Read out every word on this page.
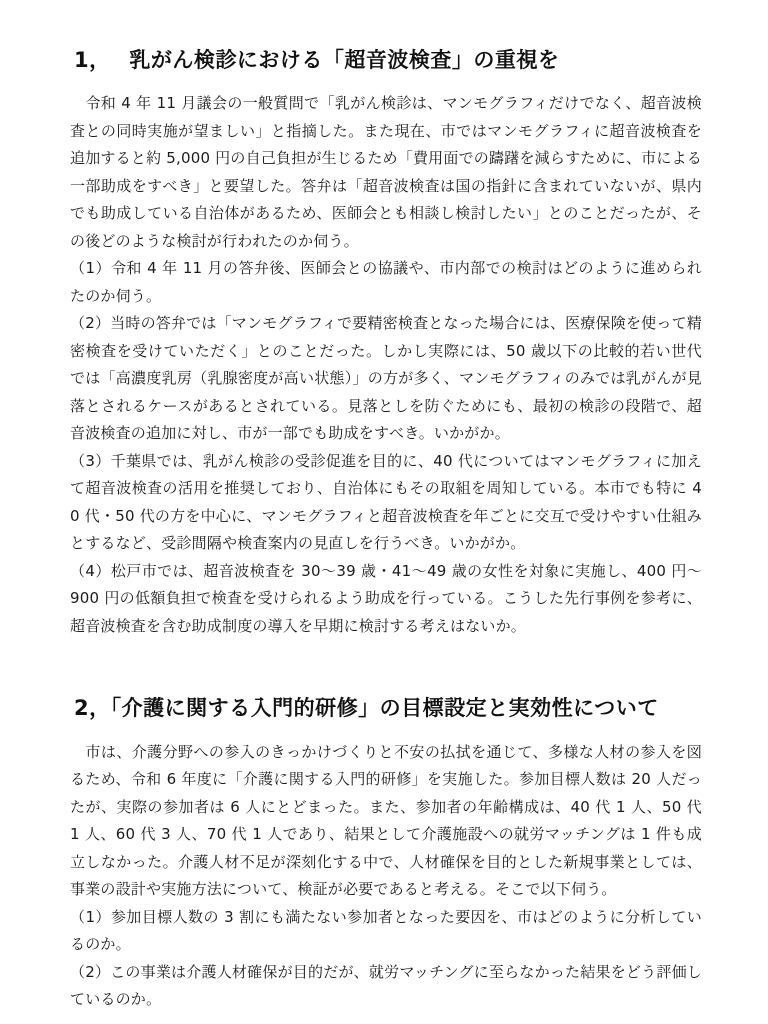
1，　 乳がん検診における「超音波検査」の重視を

　令和 4 年 11 月議会の一般質問で「乳がん検診は、マンモグラフィだけでなく、超音波検査との同時実施が望ましい」と指摘した。また現在、市ではマンモグラフィに超音波検査を追加すると約 5,000 円の自己負担が生じるため「費用面での躊躇を減らすために、市による一部助成をすべき」と要望した。答弁は「超音波検査は国の指針に含まれていないが、県内でも助成している自治体があるため、医師会とも相談し検討したい」とのことだったが、その後どのような検討が行われたのか伺う。

（1）令和 4 年 11 月の答弁後、医師会との協議や、市内部での検討はどのように進められたのか伺う。

（2）当時の答弁では「マンモグラフィで要精密検査となった場合には、医療保険を使って精密検査を受けていただく」とのことだった。しかし実際には、50 歳以下の比較的若い世代では「高濃度乳房（乳腺密度が高い状態）」の方が多く、マンモグラフィのみでは乳がんが見落とされるケースがあるとされている。見落としを防ぐためにも、最初の検診の段階で、超音波検査の追加に対し、市が一部でも助成をすべき。いかがか。

（3）千葉県では、乳がん検診の受診促進を目的に、40 代についてはマンモグラフィに加えて超音波検査の活用を推奨しており、自治体にもその取組を周知している。本市でも特に 40 代・50 代の方を中心に、マンモグラフィと超音波検査を年ごとに交互で受けやすい仕組みとするなど、受診間隔や検査案内の見直しを行うべき。いかがか。

（4）松戸市では、超音波検査を 30～39 歳・41～49 歳の女性を対象に実施し、400 円～900 円の低額負担で検査を受けられるよう助成を行っている。こうした先行事例を参考に、超音波検査を含む助成制度の導入を早期に検討する考えはないか。

2，「介護に関する入門的研修」の目標設定と実効性について

　市は、介護分野への参入のきっかけづくりと不安の払拭を通じて、多様な人材の参入を図るため、令和 6 年度に「介護に関する入門的研修」を実施した。参加目標人数は 20 人だったが、実際の参加者は 6 人にとどまった。また、参加者の年齢構成は、40 代 1 人、50 代 1 人、60 代 3 人、70 代 1 人であり、結果として介護施設への就労マッチングは 1 件も成立しなかった。介護人材不足が深刻化する中で、人材確保を目的とした新規事業としては、事業の設計や実施方法について、検証が必要であると考える。そこで以下伺う。

（1）参加目標人数の 3 割にも満たない参加者となった要因を、市はどのように分析しているのか。

（2）この事業は介護人材確保が目的だが、就労マッチングに至らなかった結果をどう評価しているのか。
